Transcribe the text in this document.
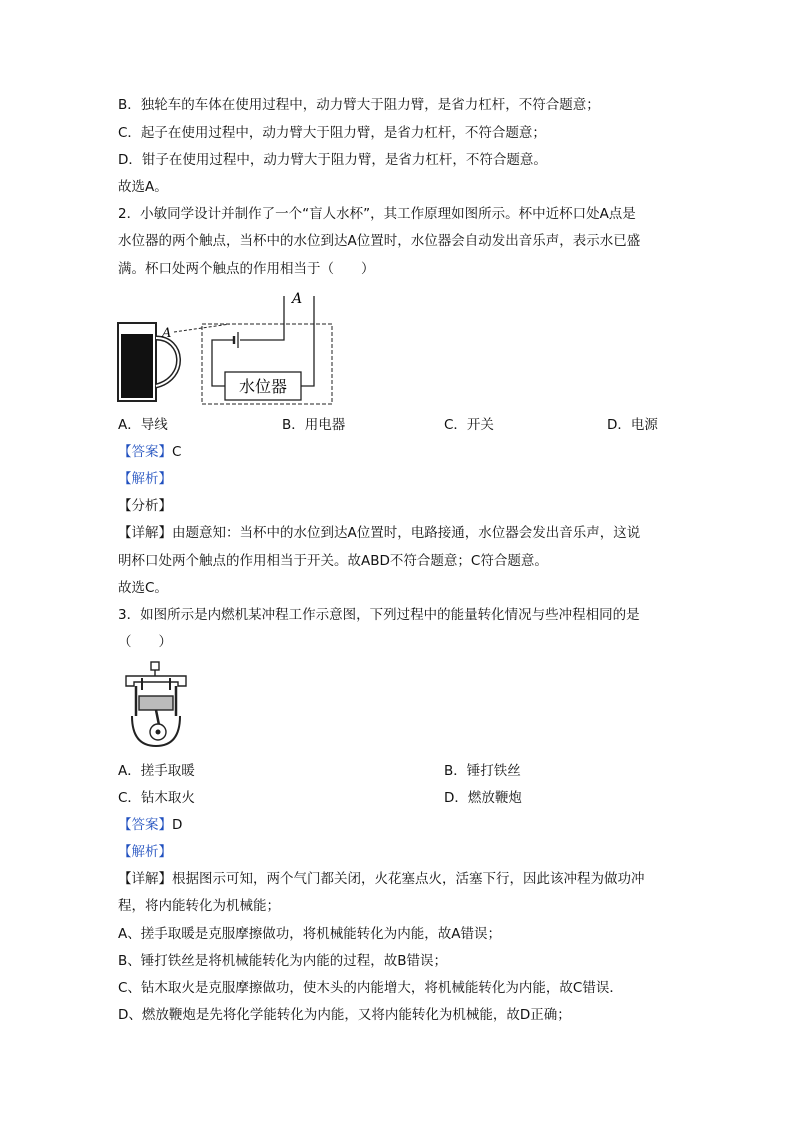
B．独轮车的车体在使用过程中，动力臂大于阻力臂，是省力杠杆，不符合题意；
C．起子在使用过程中，动力臂大于阻力臂，是省力杠杆，不符合题意；
D．钳子在使用过程中，动力臂大于阻力臂，是省力杠杆，不符合题意。
故选A。
2．小敏同学设计并制作了一个“盲人水杯”，其工作原理如图所示。杯中近杯口处A点是
水位器的两个触点，当杯中的水位到达A位置时，水位器会自动发出音乐声，表示水已盛
满。杯口处两个触点的作用相当于（　　）
A
水位器
A
A．导线	B．用电器	C．开关	D．电源
【答案】C
【解析】
【分析】
【详解】由题意知：当杯中的水位到达A位置时，电路接通，水位器会发出音乐声，这说
明杯口处两个触点的作用相当于开关。故ABD不符合题意；C符合题意。
故选C。
3．如图所示是内燃机某冲程工作示意图，下列过程中的能量转化情况与些冲程相同的是
（　　）
A．搓手取暖	B．锤打铁丝
C．钻木取火	D．燃放鞭炮
【答案】D
【解析】
【详解】根据图示可知，两个气门都关闭，火花塞点火，活塞下行，因此该冲程为做功冲
程，将内能转化为机械能；
A、搓手取暖是克服摩擦做功，将机械能转化为内能，故A错误；
B、锤打铁丝是将机械能转化为内能的过程，故B错误；
C、钻木取火是克服摩擦做功，使木头的内能增大，将机械能转化为内能，故C错误．
D、燃放鞭炮是先将化学能转化为内能，又将内能转化为机械能，故D正确；
